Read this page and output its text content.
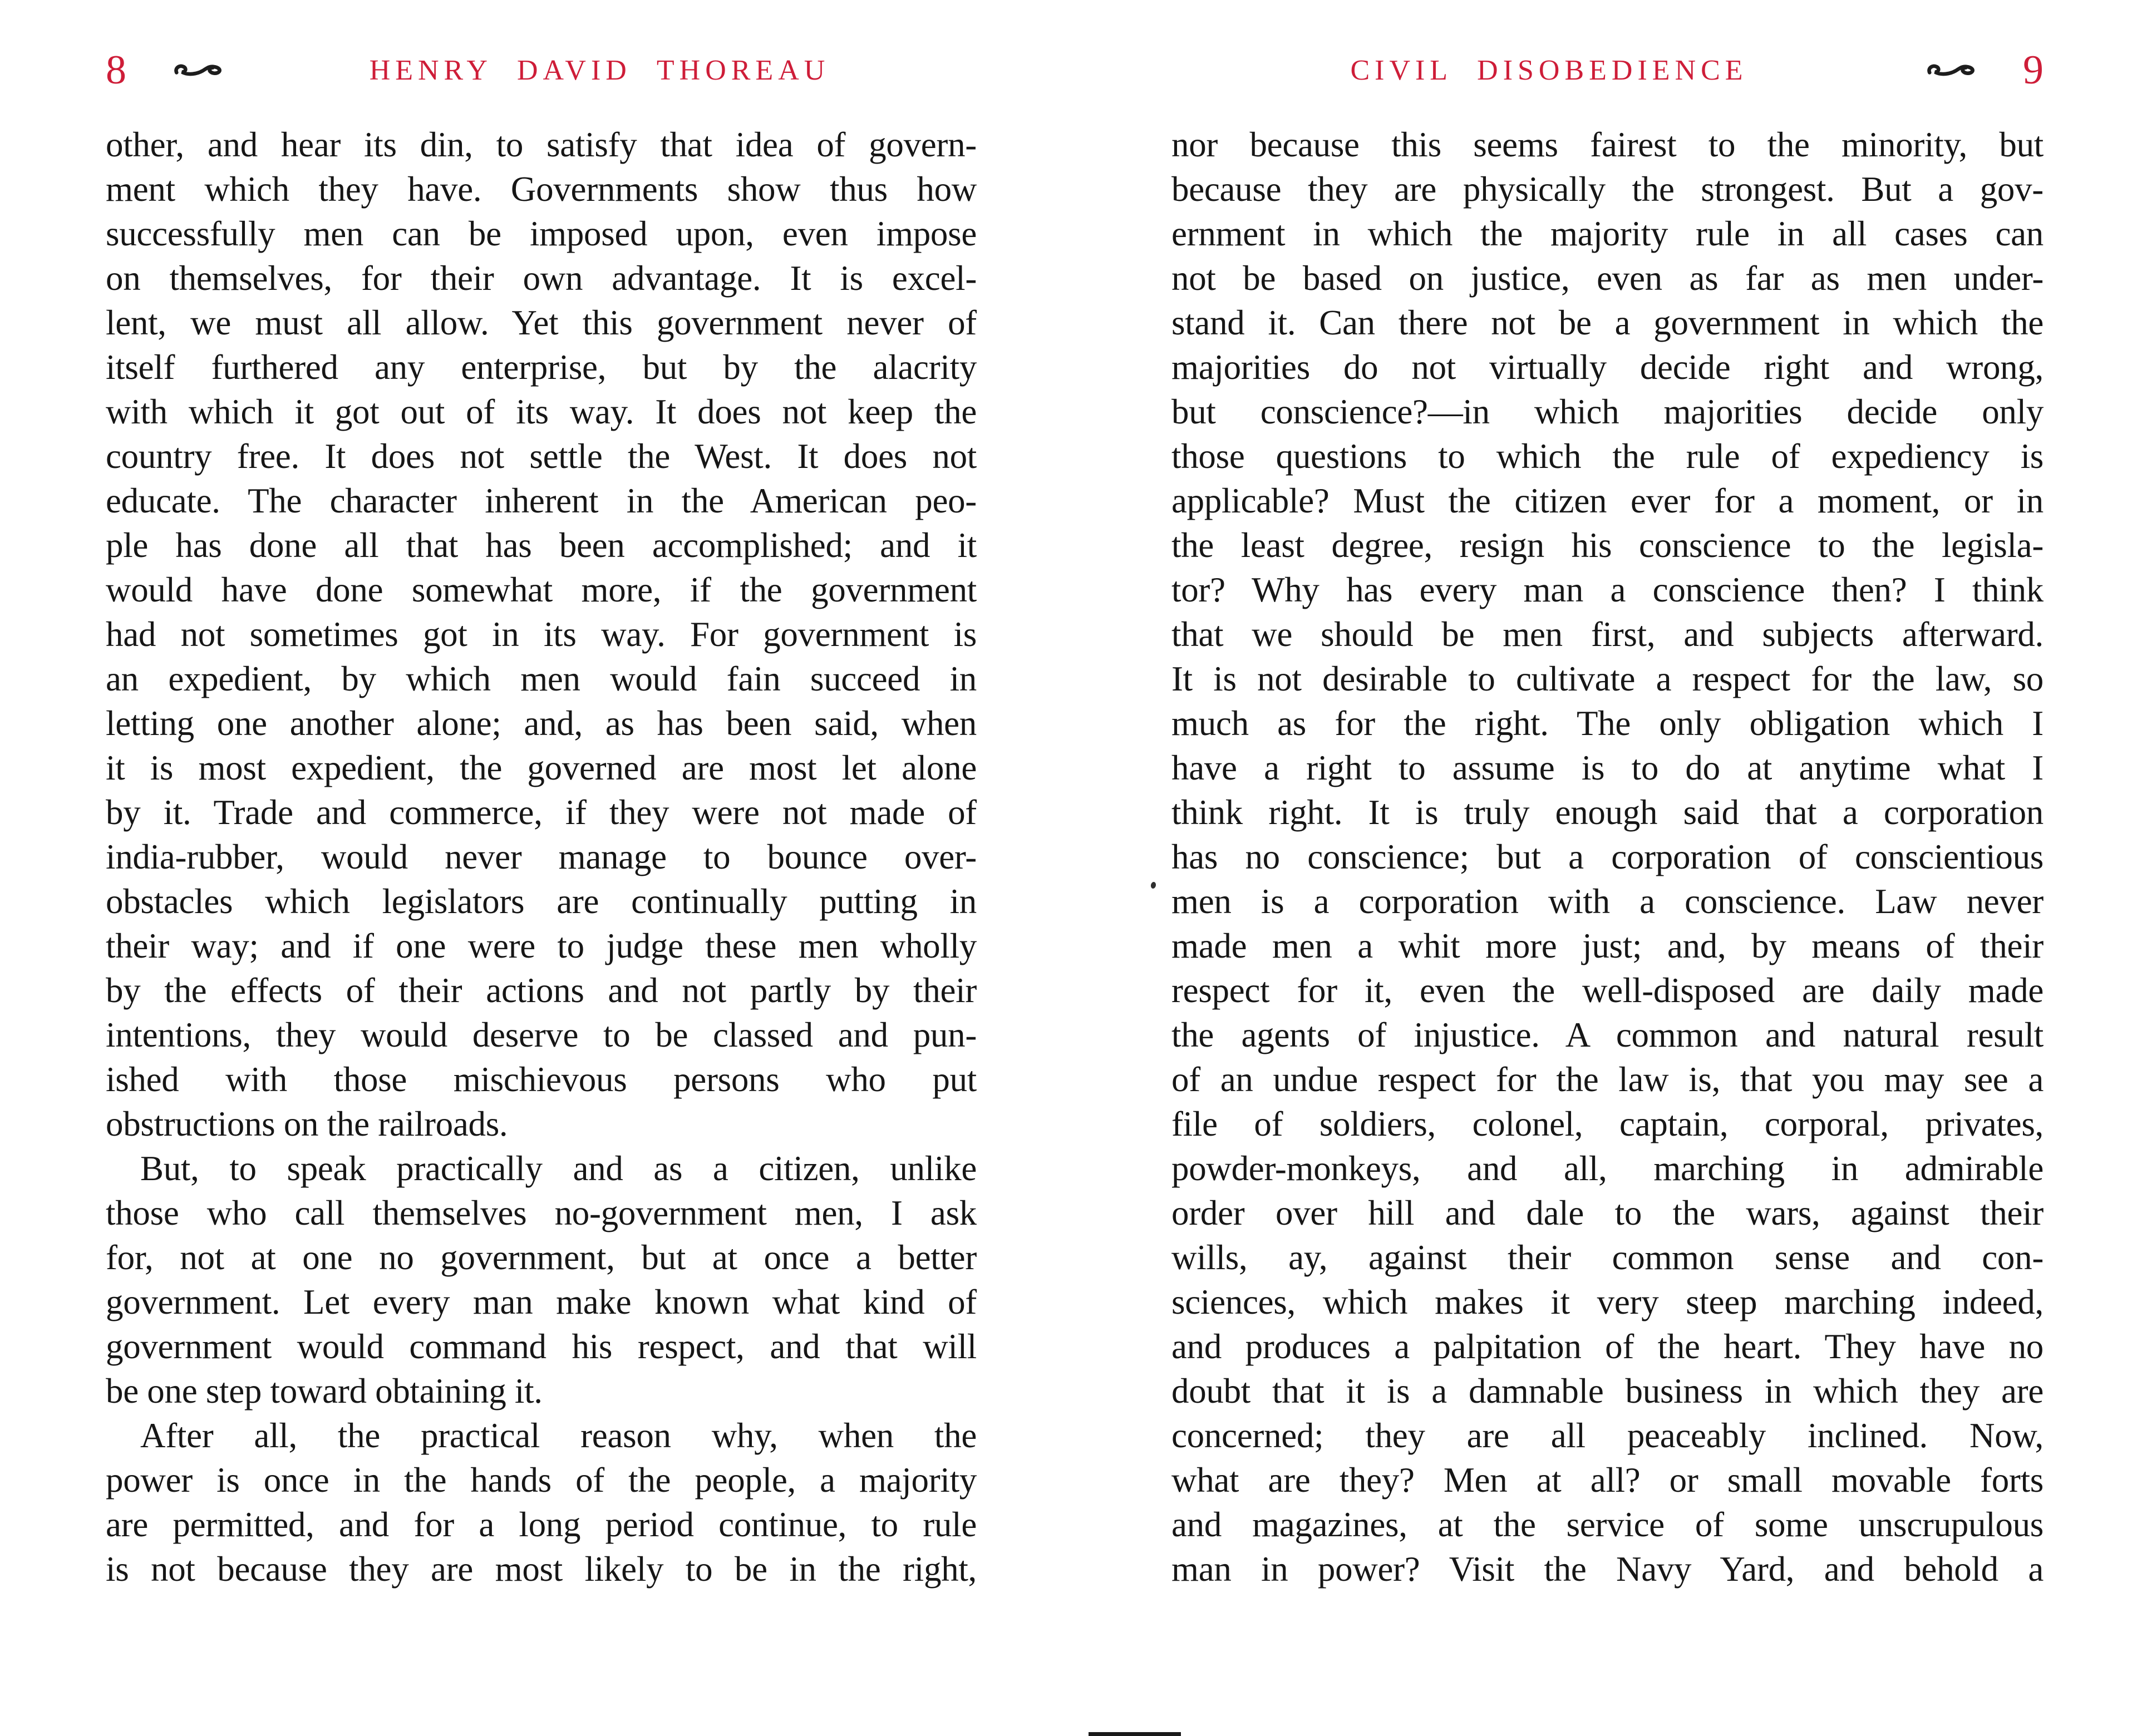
8	HENRY DAVID THOREAU
other, and hear its din, to satisfy that idea of govern-
ment which they have. Governments show thus how
successfully men can be imposed upon, even impose
on themselves, for their own advantage. It is excel-
lent, we must all allow. Yet this government never of
itself furthered any enterprise, but by the alacrity
with which it got out of its way. It does not keep the
country free. It does not settle the West. It does not
educate. The character inherent in the American peo-
ple has done all that has been accomplished; and it
would have done somewhat more, if the government
had not sometimes got in its way. For government is
an expedient, by which men would fain succeed in
letting one another alone; and, as has been said, when
it is most expedient, the governed are most let alone
by it. Trade and commerce, if they were not made of
india-rubber, would never manage to bounce over-
obstacles which legislators are continually putting in
their way; and if one were to judge these men wholly
by the effects of their actions and not partly by their
intentions, they would deserve to be classed and pun-
ished with those mischievous persons who put
obstructions on the railroads.
But, to speak practically and as a citizen, unlike
those who call themselves no-government men, I ask
for, not at one no government, but at once a better
government. Let every man make known what kind of
government would command his respect, and that will
be one step toward obtaining it.
After all, the practical reason why, when the
power is once in the hands of the people, a majority
are permitted, and for a long period continue, to rule
is not because they are most likely to be in the right,
CIVIL DISOBEDIENCE	9
nor because this seems fairest to the minority, but
because they are physically the strongest. But a gov-
ernment in which the majority rule in all cases can
not be based on justice, even as far as men under-
stand it. Can there not be a government in which the
majorities do not virtually decide right and wrong,
but conscience?—in which majorities decide only
those questions to which the rule of expediency is
applicable? Must the citizen ever for a moment, or in
the least degree, resign his conscience to the legisla-
tor? Why has every man a conscience then? I think
that we should be men first, and subjects afterward.
It is not desirable to cultivate a respect for the law, so
much as for the right. The only obligation which I
have a right to assume is to do at anytime what I
think right. It is truly enough said that a corporation
has no conscience; but a corporation of conscientious
men is a corporation with a conscience. Law never
made men a whit more just; and, by means of their
respect for it, even the well-disposed are daily made
the agents of injustice. A common and natural result
of an undue respect for the law is, that you may see a
file of soldiers, colonel, captain, corporal, privates,
powder-monkeys, and all, marching in admirable
order over hill and dale to the wars, against their
wills, ay, against their common sense and con-
sciences, which makes it very steep marching indeed,
and produces a palpitation of the heart. They have no
doubt that it is a damnable business in which they are
concerned; they are all peaceably inclined. Now,
what are they? Men at all? or small movable forts
and magazines, at the service of some unscrupulous
man in power? Visit the Navy Yard, and behold a
